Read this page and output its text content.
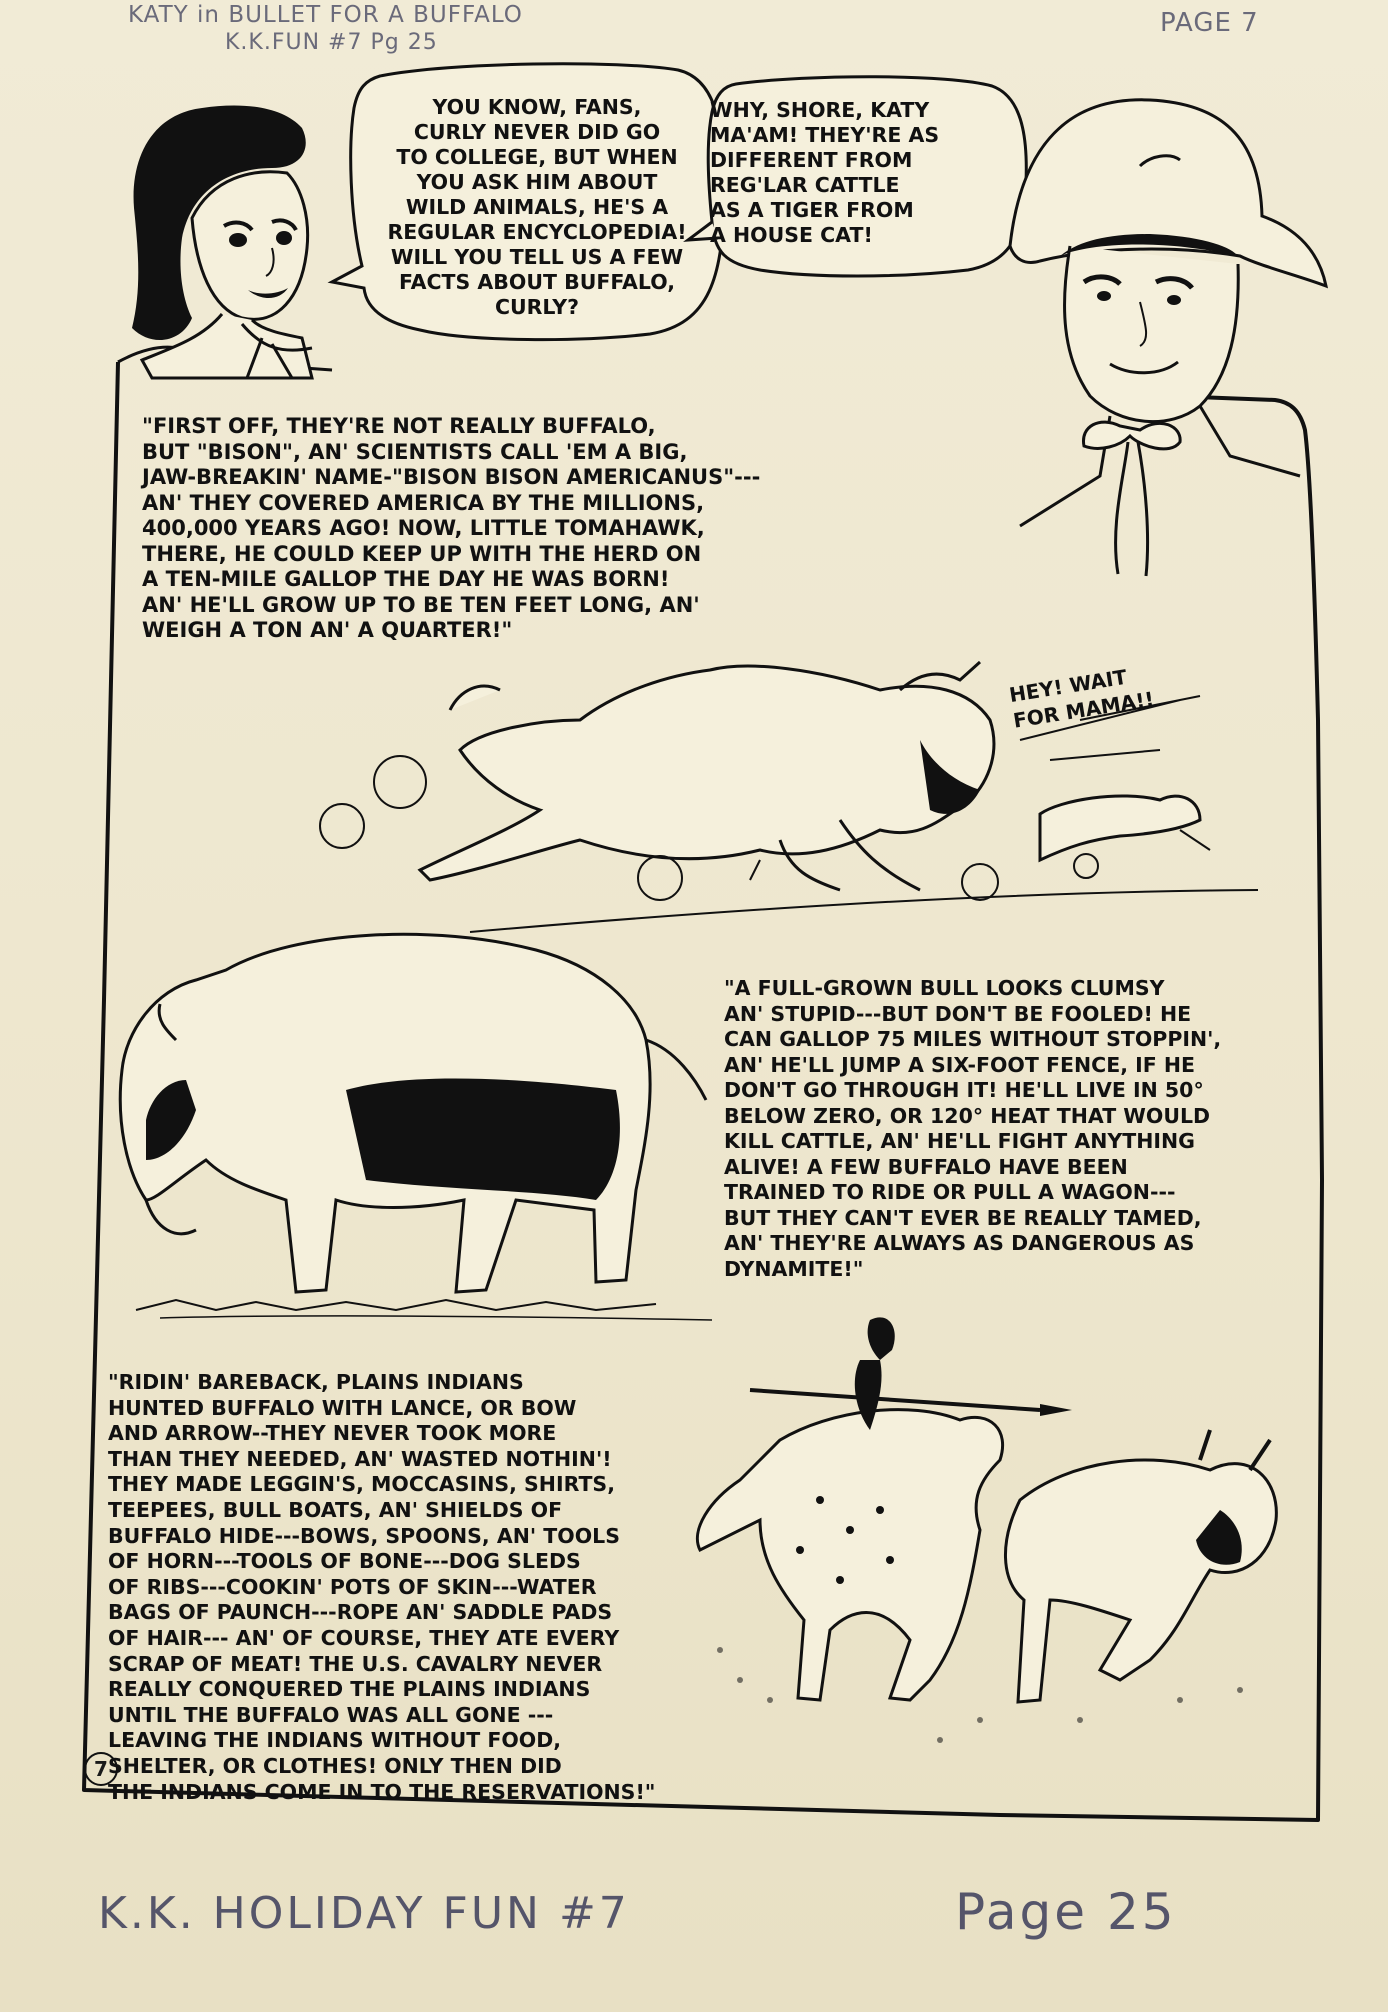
KATY in BULLET FOR A BUFFALO
K.K.FUN #7 Pg 25
PAGE 7
K.K. HOLIDAY FUN #7	Page 25
YOU KNOW, FANS,
CURLY NEVER DID GO
TO COLLEGE, BUT WHEN
YOU ASK HIM ABOUT
WILD ANIMALS, HE'S A
REGULAR ENCYCLOPEDIA!
WILL YOU TELL US A FEW
FACTS ABOUT BUFFALO,
CURLY?
WHY, SHORE, KATY
MA'AM! THEY'RE AS
DIFFERENT FROM
REG'LAR CATTLE
AS A TIGER FROM
A HOUSE CAT!
"FIRST OFF, THEY'RE NOT REALLY BUFFALO,
BUT "BISON", AN' SCIENTISTS CALL 'EM A BIG,
JAW-BREAKIN' NAME-"BISON BISON AMERICANUS"---
AN' THEY COVERED AMERICA BY THE MILLIONS,
400,000 YEARS AGO! NOW, LITTLE TOMAHAWK,
THERE, HE COULD KEEP UP WITH THE HERD ON
A TEN-MILE GALLOP THE DAY HE WAS BORN!
AN' HE'LL GROW UP TO BE TEN FEET LONG, AN'
WEIGH A TON AN' A QUARTER!"
HEY! WAIT
FOR MAMA!!
"A FULL-GROWN BULL LOOKS CLUMSY
AN' STUPID---BUT DON'T BE FOOLED! HE
CAN GALLOP 75 MILES WITHOUT STOPPIN',
AN' HE'LL JUMP A SIX-FOOT FENCE, IF HE
DON'T GO THROUGH IT! HE'LL LIVE IN 50°
BELOW ZERO, OR 120° HEAT THAT WOULD
KILL CATTLE, AN' HE'LL FIGHT ANYTHING
ALIVE! A FEW BUFFALO HAVE BEEN
TRAINED TO RIDE OR PULL A WAGON---
BUT THEY CAN'T EVER BE REALLY TAMED,
AN' THEY'RE ALWAYS AS DANGEROUS AS
DYNAMITE!"
"RIDIN' BAREBACK, PLAINS INDIANS
HUNTED BUFFALO WITH LANCE, OR BOW
AND ARROW--THEY NEVER TOOK MORE
THAN THEY NEEDED, AN' WASTED NOTHIN'!
THEY MADE LEGGIN'S, MOCCASINS, SHIRTS,
TEEPEES, BULL BOATS, AN' SHIELDS OF
BUFFALO HIDE---BOWS, SPOONS, AN' TOOLS
OF HORN---TOOLS OF BONE---DOG SLEDS
OF RIBS---COOKIN' POTS OF SKIN---WATER
BAGS OF PAUNCH---ROPE AN' SADDLE PADS
OF HAIR--- AN' OF COURSE, THEY ATE EVERY
SCRAP OF MEAT! THE U.S. CAVALRY NEVER
REALLY CONQUERED THE PLAINS INDIANS
UNTIL THE BUFFALO WAS ALL GONE ---
LEAVING THE INDIANS WITHOUT FOOD,
SHELTER, OR CLOTHES! ONLY THEN DID
THE INDIANS COME IN TO THE RESERVATIONS!"
7
